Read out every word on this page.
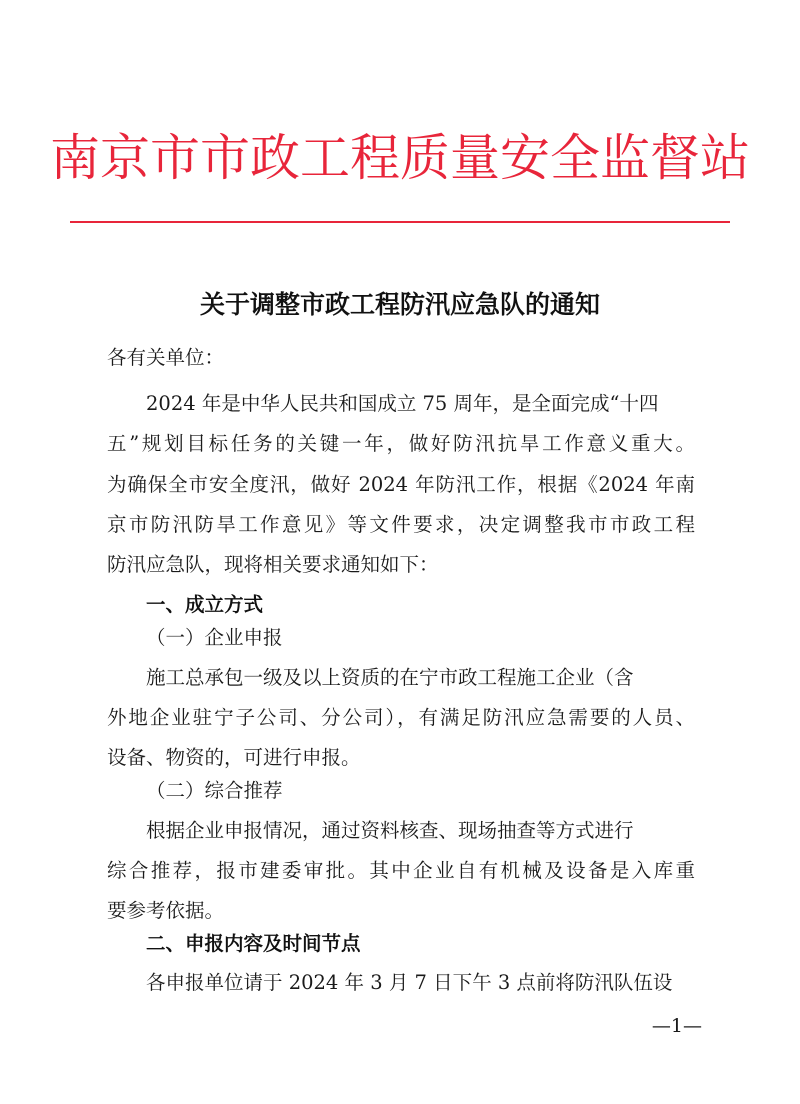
南京市市政工程质量安全监督站
关于调整市政工程防汛应急队的通知
各有关单位：
2024 年是中华人民共和国成立 75 周年，是全面完成“十四
五”规划目标任务的关键一年，做好防汛抗旱工作意义重大。
为确保全市安全度汛，做好 2024 年防汛工作，根据《2024 年南
京市防汛防旱工作意见》等文件要求，决定调整我市市政工程
防汛应急队，现将相关要求通知如下：
一、成立方式
（一）企业申报
施工总承包一级及以上资质的在宁市政工程施工企业（含
外地企业驻宁子公司、分公司），有满足防汛应急需要的人员、
设备、物资的，可进行申报。
（二）综合推荐
根据企业申报情况，通过资料核查、现场抽查等方式进行
综合推荐，报市建委审批。其中企业自有机械及设备是入库重
要参考依据。
二、申报内容及时间节点
各申报单位请于 2024 年 3 月 7 日下午 3 点前将防汛队伍设
—1—
